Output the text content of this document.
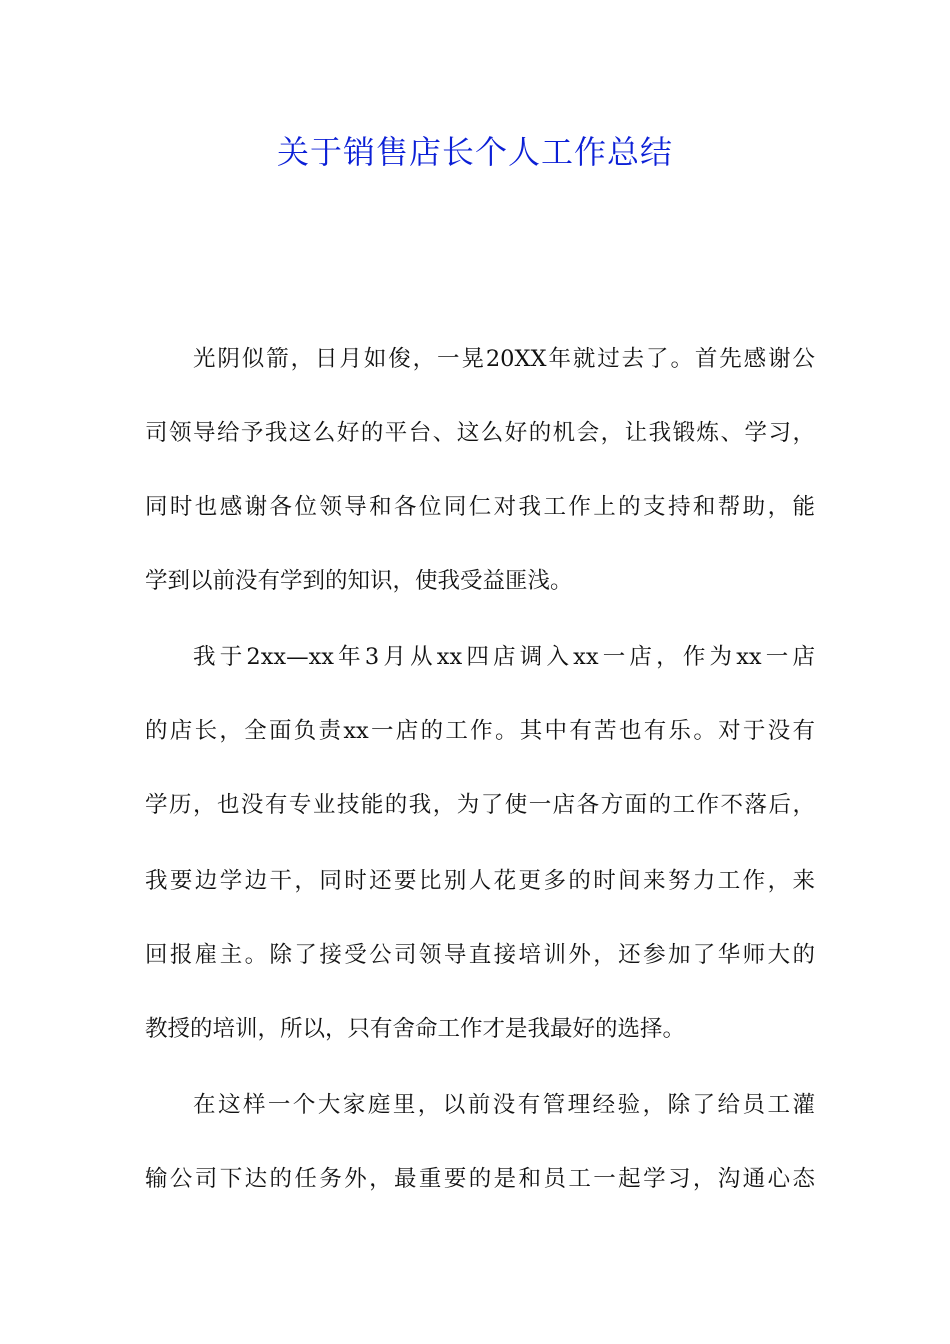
关于销售店长个人工作总结

光阴似箭，日月如俊，一晃20XX年就过去了。首先感谢公

司领导给予我这么好的平台、这么好的机会，让我锻炼、学习，

同时也感谢各位领导和各位同仁对我工作上的支持和帮助，能

学到以前没有学到的知识，使我受益匪浅。

我于2xx—xx年3月从xx四店调入xx一店，作为xx一店

的店长，全面负责xx一店的工作。其中有苦也有乐。对于没有

学历，也没有专业技能的我，为了使一店各方面的工作不落后，

我要边学边干，同时还要比别人花更多的时间来努力工作，来

回报雇主。除了接受公司领导直接培训外，还参加了华师大的

教授的培训，所以，只有舍命工作才是我最好的选择。

在这样一个大家庭里，以前没有管理经验，除了给员工灌

输公司下达的任务外，最重要的是和员工一起学习，沟通心态
